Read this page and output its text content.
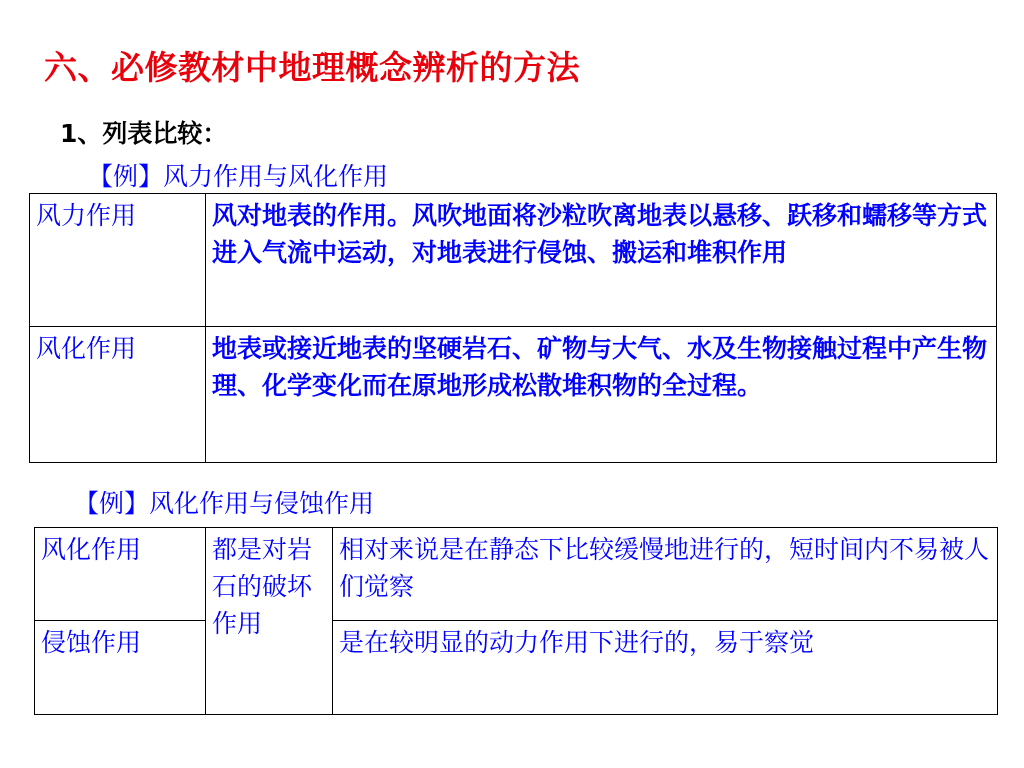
六、必修教材中地理概念辨析的方法
1、列表比较：
【例】风力作用与风化作用
风力作用	风对地表的作用。风吹地面将沙粒吹离地表以悬移、跃移和蠕移等方式进入气流中运动，对地表进行侵蚀、搬运和堆积作用
风化作用	地表或接近地表的坚硬岩石、矿物与大气、水及生物接触过程中产生物理、化学变化而在原地形成松散堆积物的全过程。
【例】风化作用与侵蚀作用
风化作用	都是对岩石的破坏作用	相对来说是在静态下比较缓慢地进行的，短时间内不易被人们觉察
侵蚀作用		是在较明显的动力作用下进行的，易于察觉
